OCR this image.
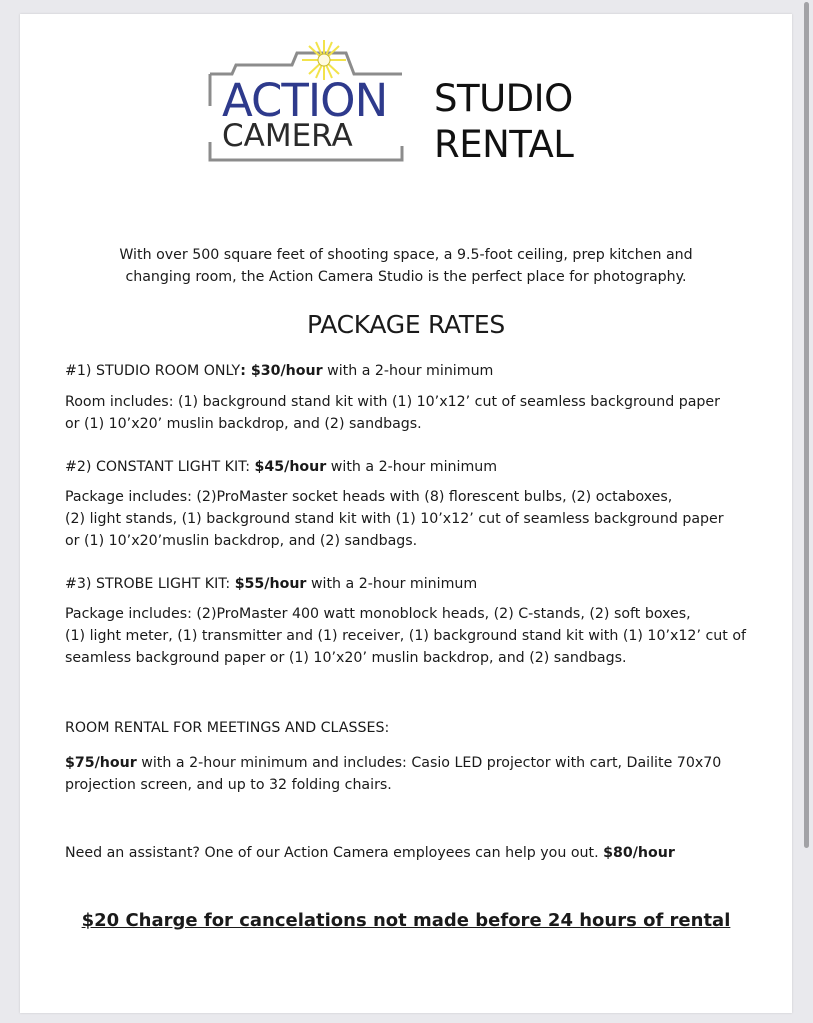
ACTION
CAMERA
STUDIO
RENTAL
With over 500 square feet of shooting space, a 9.5-foot ceiling, prep kitchen and
changing room, the Action Camera Studio is the perfect place for photography.
PACKAGE RATES
#1) STUDIO ROOM ONLY: $30/hour with a 2-hour minimum
Room includes: (1) background stand kit with (1) 10’x12’ cut of seamless background paper
or (1) 10’x20’ muslin backdrop, and (2) sandbags.
#2) CONSTANT LIGHT KIT: $45/hour with a 2-hour minimum
Package includes: (2)ProMaster socket heads with (8) florescent bulbs, (2) octaboxes,
(2) light stands, (1) background stand kit with (1) 10’x12’ cut of seamless background paper
or (1) 10’x20’muslin backdrop, and (2) sandbags.
#3) STROBE LIGHT KIT: $55/hour with a 2-hour minimum
Package includes: (2)ProMaster 400 watt monoblock heads, (2) C-stands, (2) soft boxes,
(1) light meter, (1) transmitter and (1) receiver, (1) background stand kit with (1) 10’x12’ cut of
seamless background paper or (1) 10’x20’ muslin backdrop, and (2) sandbags.
ROOM RENTAL FOR MEETINGS AND CLASSES:
$75/hour with a 2-hour minimum and includes: Casio LED projector with cart, Dailite 70x70
projection screen, and up to 32 folding chairs.
Need an assistant? One of our Action Camera employees can help you out. $80/hour
$20 Charge for cancelations not made before 24 hours of rental
